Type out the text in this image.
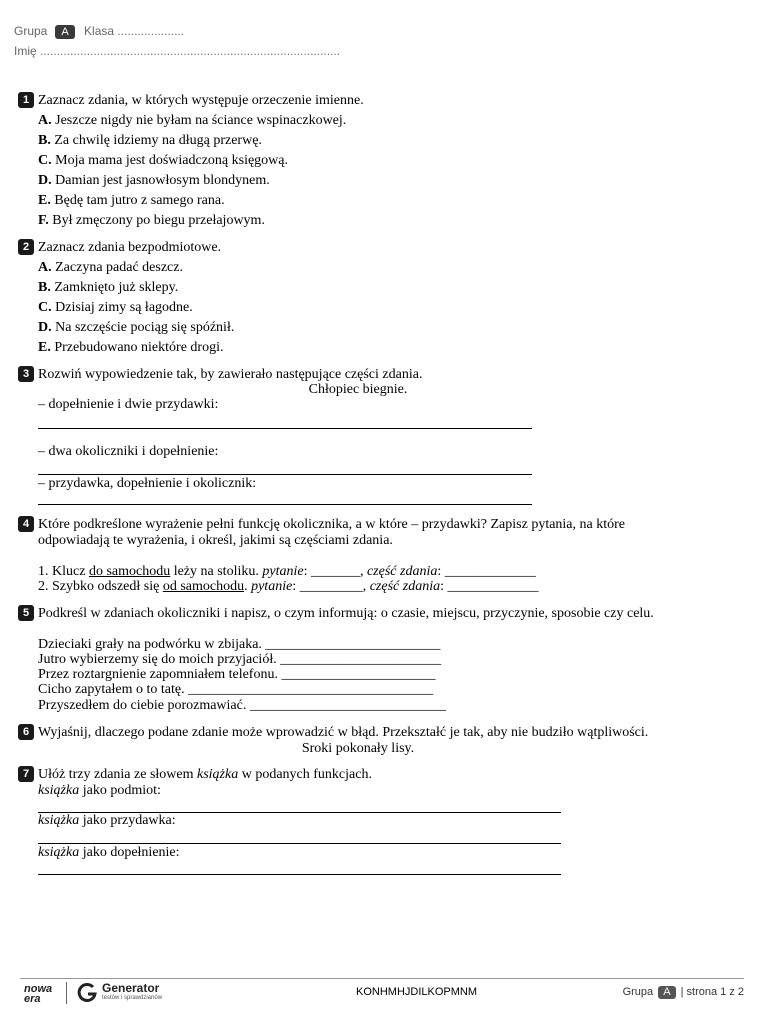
Grupa A Klasa ....................
Imię ..........................................................................................
1 Zaznacz zdania, w których występuje orzeczenie imienne.
A. Jeszcze nigdy nie byłam na ściance wspinaczkowej.
B. Za chwilę idziemy na długą przerwę.
C. Moja mama jest doświadczoną księgową.
D. Damian jest jasnowłosym blondynem.
E. Będę tam jutro z samego rana.
F. Był zmęczony po biegu przełajowym.
2 Zaznacz zdania bezpodmiotowe.
A. Zaczyna padać deszcz.
B. Zamknięto już sklepy.
C. Dzisiaj zimy są łagodne.
D. Na szczęście pociąg się spóźnił.
E. Przebudowano niektóre drogi.
3 Rozwiń wypowiedzenie tak, by zawierało następujące części zdania.
Chłopiec biegnie.
– dopełnienie i dwie przydawki:
– dwa okoliczniki i dopełnienie:
– przydawka, dopełnienie i okolicznik:
4 Które podkreślone wyrażenie pełni funkcję okolicznika, a w które – przydawki? Zapisz pytania, na które
odpowiadają te wyrażenia, i określ, jakimi są częściami zdania.
1. Klucz do samochodu leży na stoliku. pytanie: _______, część zdania: _____________
2. Szybko odszedł się od samochodu. pytanie: _________, część zdania: _____________
5 Podkreśl w zdaniach okoliczniki i napisz, o czym informują: o czasie, miejscu, przyczynie, sposobie czy celu.
Dzieciaki grały na podwórku w zbijaka. _________________________
Jutro wybierzemy się do moich przyjaciół. _______________________
Przez roztargnienie zapomniałem telefonu. ______________________
Cicho zapytałem o to tatę. ___________________________________
Przyszedłem do ciebie porozmawiać. ____________________________
6 Wyjaśnij, dlaczego podane zdanie może wprowadzić w błąd. Przekształć je tak, aby nie budziło wątpliwości.
Sroki pokonały lisy.
7 Ułóż trzy zdania ze słowem książka w podanych funkcjach.
książka jako podmiot:
książka jako przydawka:
książka jako dopełnienie:
nowa era
Generator
testów i sprawdzianów	KONHMHJDILKOPMNM	Grupa A | strona 1 z 2
